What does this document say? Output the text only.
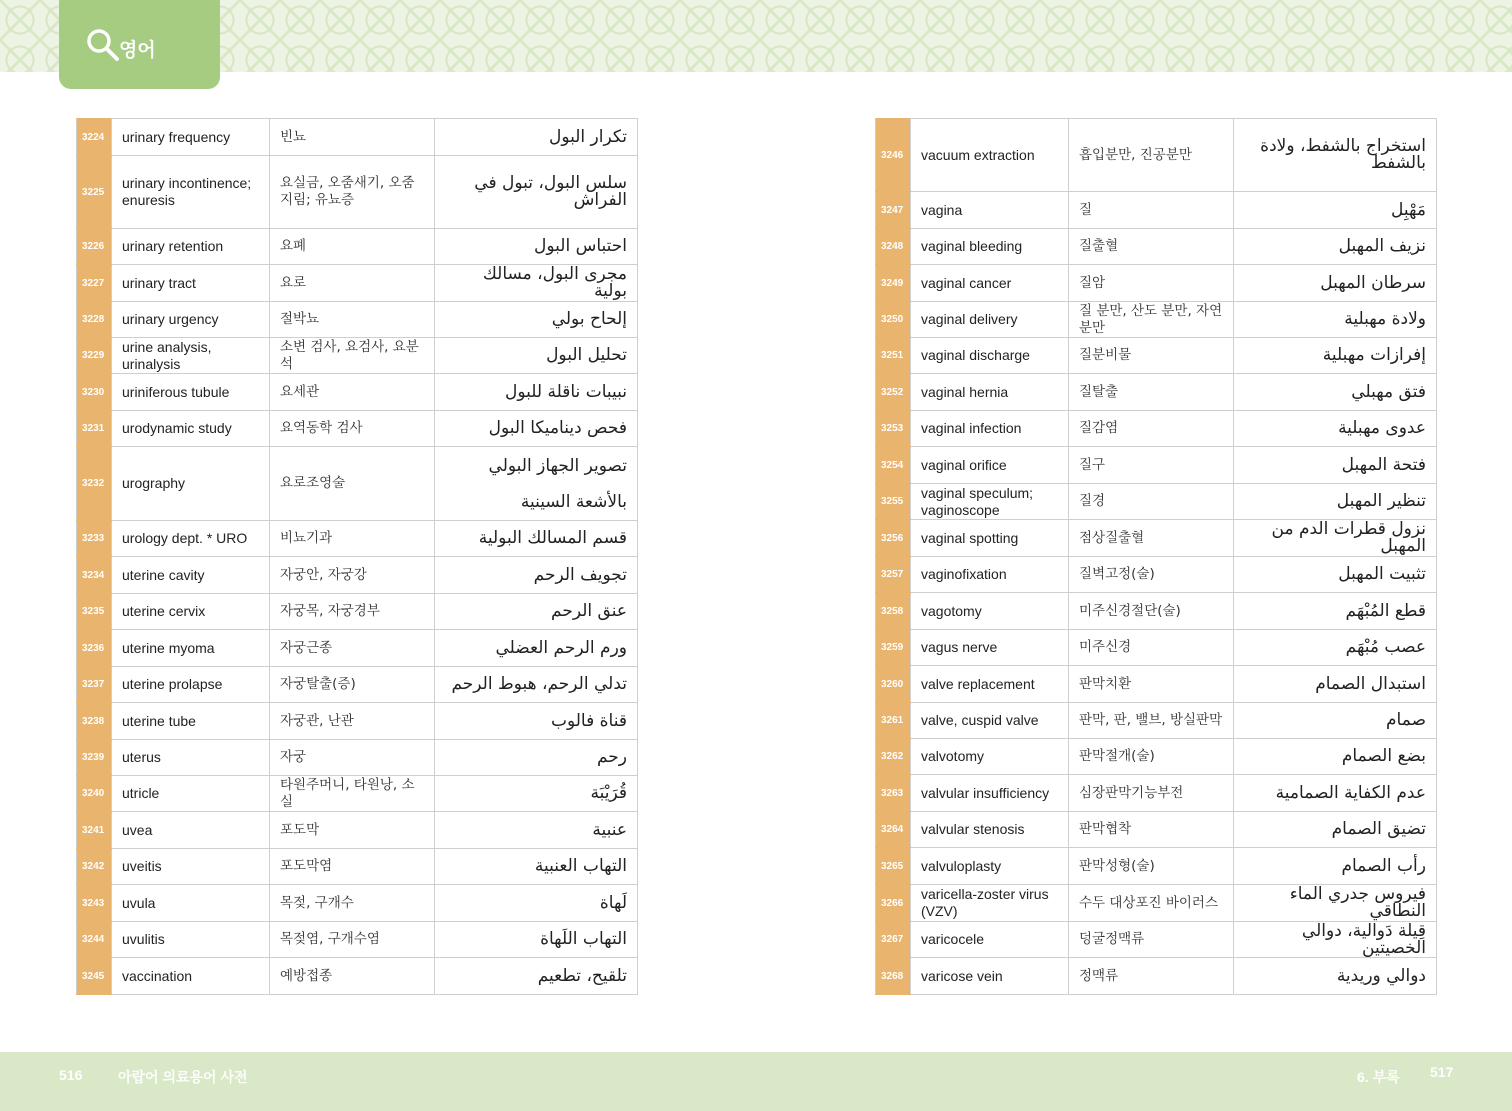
영어
3224	urinary frequency	빈뇨	تكرار البول
3225	urinary incontinence; enuresis	요실금, 오줌새기, 오줌지림; 유뇨증	سلس البول، تبول في الفراش
3226	urinary retention	요폐	احتباس البول
3227	urinary tract	요로	مجرى البول، مسالك بولية
3228	urinary urgency	절박뇨	إلحاح بولي
3229	urine analysis, urinalysis	소변 검사, 요검사, 요분석	تحليل البول
3230	uriniferous tubule	요세관	نبيبات ناقلة للبول
3231	urodynamic study	요역동학 검사	فحص ديناميكا البول
3232	urography	요로조영술	تصوير الجهاز البولي بالأشعة السينية
3233	urology dept. * URO	비뇨기과	قسم المسالك البولية
3234	uterine cavity	자궁안, 자궁강	تجويف الرحم
3235	uterine cervix	자궁목, 자궁경부	عنق الرحم
3236	uterine myoma	자궁근종	ورم الرحم العضلي
3237	uterine prolapse	자궁탈출(증)	تدلي الرحم، هبوط الرحم
3238	uterine tube	자궁관, 난관	قناة فالوب
3239	uterus	자궁	رحم
3240	utricle	타원주머니, 타원낭, 소실	قُرَيْبَة
3241	uvea	포도막	عنبية
3242	uveitis	포도막염	التهاب العنبية
3243	uvula	목젖, 구개수	لَهاة
3244	uvulitis	목젖염, 구개수염	التهاب اللَهاة
3245	vaccination	예방접종	تلقيح، تطعيم
3246	vacuum extraction	흡입분만, 진공분만	استخراج بالشفط، ولادة بالشفط
3247	vagina	질	مَهْبِل
3248	vaginal bleeding	질출혈	نزيف المهبل
3249	vaginal cancer	질암	سرطان المهبل
3250	vaginal delivery	질 분만, 산도 분만, 자연 분만	ولادة مهبلية
3251	vaginal discharge	질분비물	إفرازات مهبلية
3252	vaginal hernia	질탈출	فتق مهبلي
3253	vaginal infection	질감염	عدوى مهبلية
3254	vaginal orifice	질구	فتحة المهبل
3255	vaginal speculum; vaginoscope	질경	تنظير المهبل
3256	vaginal spotting	점상질출혈	نزول قطرات الدم من المهبل
3257	vaginofixation	질벽고정(술)	تثبيت المهبل
3258	vagotomy	미주신경절단(술)	قطع المُبْهَم
3259	vagus nerve	미주신경	عصب مُبْهَم
3260	valve replacement	판막치환	استبدال الصمام
3261	valve, cuspid valve	판막, 판, 밸브, 방실판막	صمام
3262	valvotomy	판막절개(술)	بضع الصمام
3263	valvular insufficiency	심장판막기능부전	عدم الكفاية الصمامية
3264	valvular stenosis	판막협착	تضيق الصمام
3265	valvuloplasty	판막성형(술)	رأب الصمام
3266	varicella-zoster virus (VZV)	수두 대상포진 바이러스	فيروس جدري الماء النطاقي
3267	varicocele	덩굴정맥류	قِيلة دَوالية، دوالي الخصيتين
3268	varicose vein	정맥류	دوالي وريدية
516	아랍어 의료용어 사전	6. 부록 517
